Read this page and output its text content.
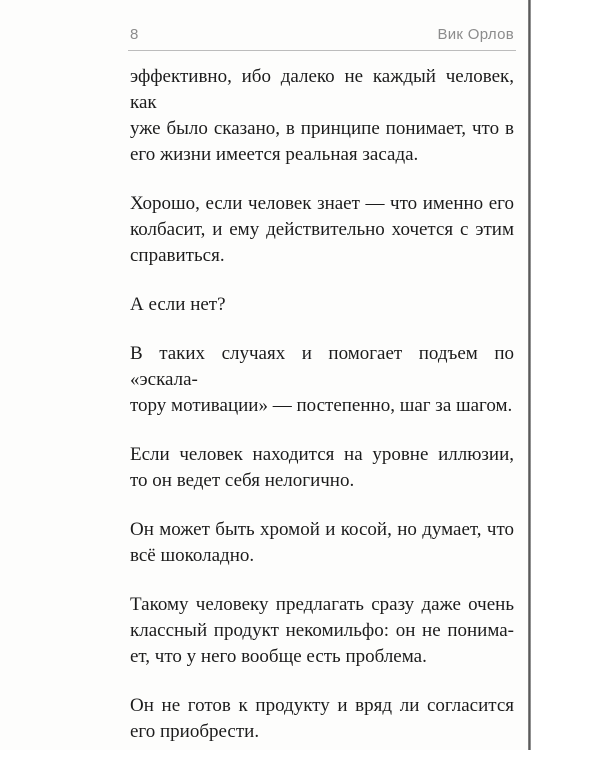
8	Вик Орлов

эффективно, ибо далеко не каждый человек, как
уже было сказано, в принципе понимает, что в
его жизни имеется реальная засада.

Хорошо, если человек знает — что именно его
колбасит, и ему действительно хочется с этим
справиться.

А если нет?

В таких случаях и помогает подъем по «эскала-
тору мотивации» — постепенно, шаг за шагом.

Если человек находится на уровне иллюзии,
то он ведет себя нелогично.

Он может быть хромой и косой, но думает, что
всё шоколадно.

Такому человеку предлагать сразу даже очень
классный продукт некомильфо: он не понима-
ет, что у него вообще есть проблема.

Он не готов к продукту и вряд ли согласится
его приобрести.
